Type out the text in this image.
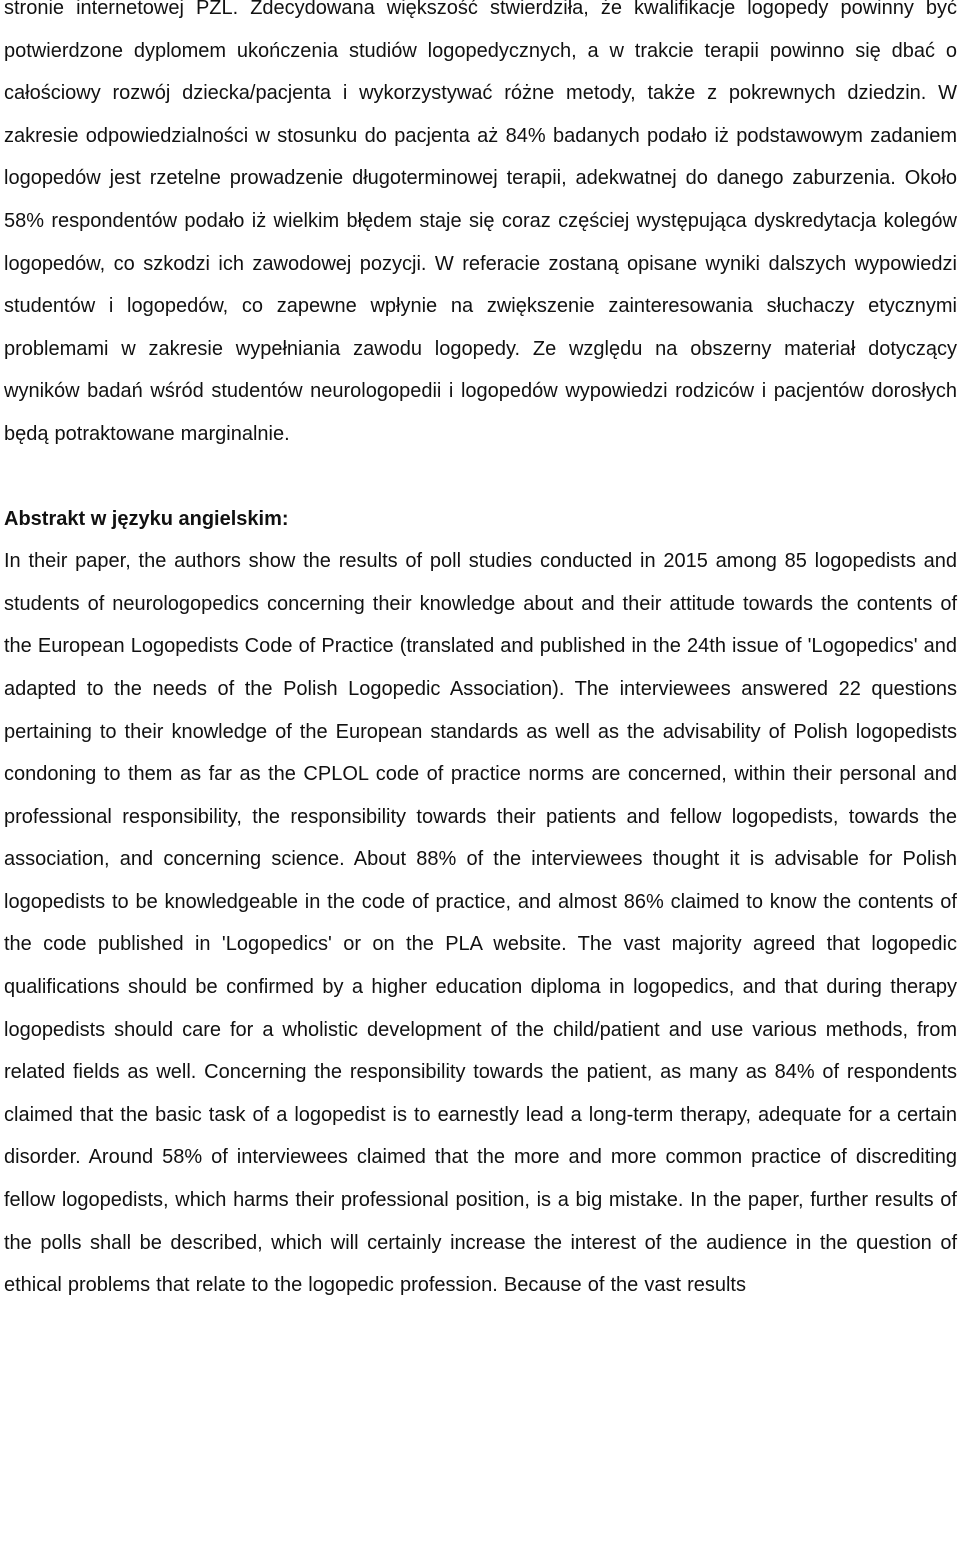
stronie internetowej PZL. Zdecydowana większość stwierdziła, że kwalifikacje logopedy powinny być potwierdzone dyplomem ukończenia studiów logopedycznych, a w trakcie terapii powinno się dbać o całościowy rozwój dziecka/pacjenta i wykorzystywać różne metody, także z pokrewnych dziedzin. W zakresie odpowiedzialności w stosunku do pacjenta aż 84% badanych podało iż podstawowym zadaniem logopedów jest rzetelne prowadzenie długoterminowej terapii, adekwatnej do danego zaburzenia. Około 58% respondentów podało iż wielkim błędem staje się coraz częściej występująca dyskredytacja kolegów logopedów, co szkodzi ich zawodowej pozycji. W referacie zostaną opisane wyniki dalszych wypowiedzi studentów i logopedów, co zapewne wpłynie na zwiększenie zainteresowania słuchaczy etycznymi problemami w zakresie wypełniania zawodu logopedy. Ze względu na obszerny materiał dotyczący wyników badań wśród studentów neurologopedii i logopedów wypowiedzi rodziców i pacjentów dorosłych będą potraktowane marginalnie.

Abstrakt w języku angielskim:

In their paper, the authors show the results of poll studies conducted in 2015 among 85 logopedists and students of neurologopedics concerning their knowledge about and their attitude towards the contents of the European Logopedists Code of Practice (translated and published in the 24th issue of 'Logopedics' and adapted to the needs of the Polish Logopedic Association). The interviewees answered 22 questions pertaining to their knowledge of the European standards as well as the advisability of Polish logopedists condoning to them as far as the CPLOL code of practice norms are concerned, within their personal and professional responsibility, the responsibility towards their patients and fellow logopedists, towards the association, and concerning science. About 88% of the interviewees thought it is advisable for Polish logopedists to be knowledgeable in the code of practice, and almost 86% claimed to know the contents of the code published in 'Logopedics' or on the PLA website. The vast majority agreed that logopedic qualifications should be confirmed by a higher education diploma in logopedics, and that during therapy logopedists should care for a wholistic development of the child/patient and use various methods, from related fields as well. Concerning the responsibility towards the patient, as many as 84% of respondents claimed that the basic task of a logopedist is to earnestly lead a long-term therapy, adequate for a certain disorder. Around 58% of interviewees claimed that the more and more common practice of discrediting fellow logopedists, which harms their professional position, is a big mistake. In the paper, further results of the polls shall be described, which will certainly increase the interest of the audience in the question of ethical problems that relate to the logopedic profession. Because of the vast results
